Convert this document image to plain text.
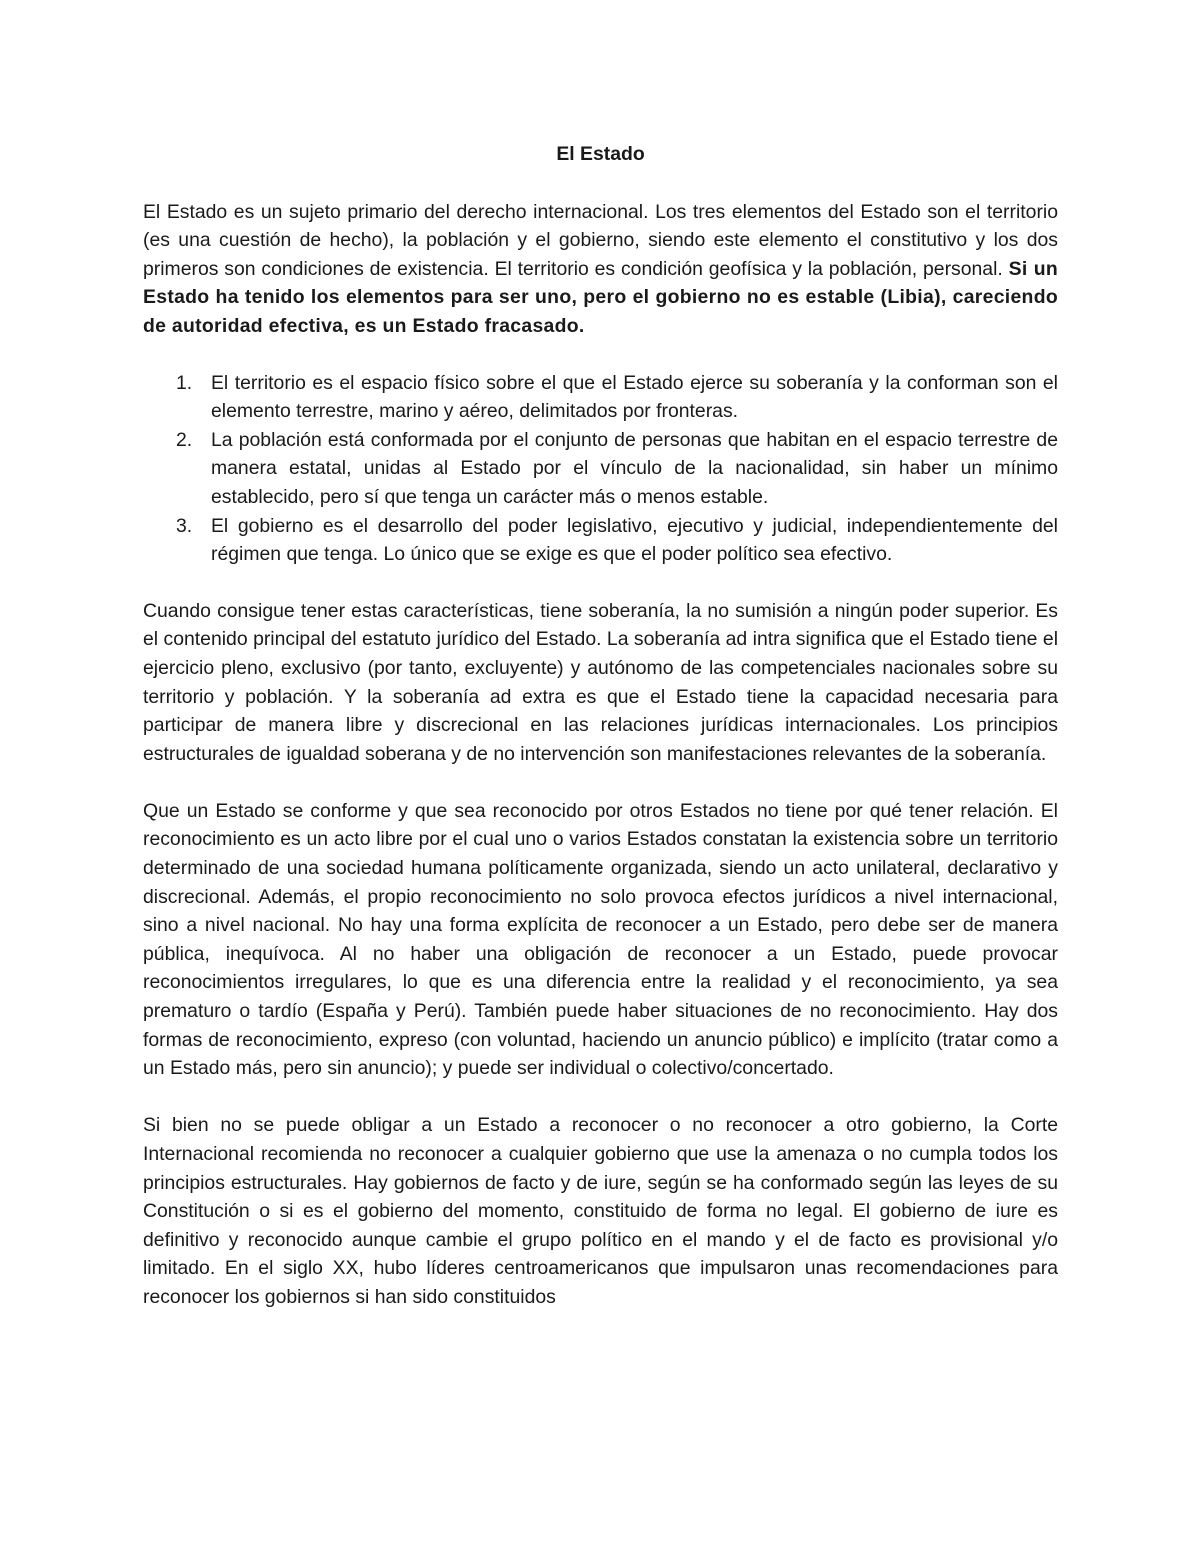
El Estado

El Estado es un sujeto primario del derecho internacional. Los tres elementos del Estado son el territorio (es una cuestión de hecho), la población y el gobierno, siendo este elemento el constitutivo y los dos primeros son condiciones de existencia. El territorio es condición geofísica y la población, personal. Si un Estado ha tenido los elementos para ser uno, pero el gobierno no es estable (Libia), careciendo de autoridad efectiva, es un Estado fracasado.

1. El territorio es el espacio físico sobre el que el Estado ejerce su soberanía y la conforman son el elemento terrestre, marino y aéreo, delimitados por fronteras.
2. La población está conformada por el conjunto de personas que habitan en el espacio terrestre de manera estatal, unidas al Estado por el vínculo de la nacionalidad, sin haber un mínimo establecido, pero sí que tenga un carácter más o menos estable.
3. El gobierno es el desarrollo del poder legislativo, ejecutivo y judicial, independientemente del régimen que tenga. Lo único que se exige es que el poder político sea efectivo.

Cuando consigue tener estas características, tiene soberanía, la no sumisión a ningún poder superior. Es el contenido principal del estatuto jurídico del Estado. La soberanía ad intra significa que el Estado tiene el ejercicio pleno, exclusivo (por tanto, excluyente) y autónomo de las competenciales nacionales sobre su territorio y población. Y la soberanía ad extra es que el Estado tiene la capacidad necesaria para participar de manera libre y discrecional en las relaciones jurídicas internacionales. Los principios estructurales de igualdad soberana y de no intervención son manifestaciones relevantes de la soberanía.

Que un Estado se conforme y que sea reconocido por otros Estados no tiene por qué tener relación. El reconocimiento es un acto libre por el cual uno o varios Estados constatan la existencia sobre un territorio determinado de una sociedad humana políticamente organizada, siendo un acto unilateral, declarativo y discrecional. Además, el propio reconocimiento no solo provoca efectos jurídicos a nivel internacional, sino a nivel nacional. No hay una forma explícita de reconocer a un Estado, pero debe ser de manera pública, inequívoca. Al no haber una obligación de reconocer a un Estado, puede provocar reconocimientos irregulares, lo que es una diferencia entre la realidad y el reconocimiento, ya sea prematuro o tardío (España y Perú). También puede haber situaciones de no reconocimiento. Hay dos formas de reconocimiento, expreso (con voluntad, haciendo un anuncio público) e implícito (tratar como a un Estado más, pero sin anuncio); y puede ser individual o colectivo/concertado.

Si bien no se puede obligar a un Estado a reconocer o no reconocer a otro gobierno, la Corte Internacional recomienda no reconocer a cualquier gobierno que use la amenaza o no cumpla todos los principios estructurales. Hay gobiernos de facto y de iure, según se ha conformado según las leyes de su Constitución o si es el gobierno del momento, constituido de forma no legal. El gobierno de iure es definitivo y reconocido aunque cambie el grupo político en el mando y el de facto es provisional y/o limitado. En el siglo XX, hubo líderes centroamericanos que impulsaron unas recomendaciones para reconocer los gobiernos si han sido constituidos
